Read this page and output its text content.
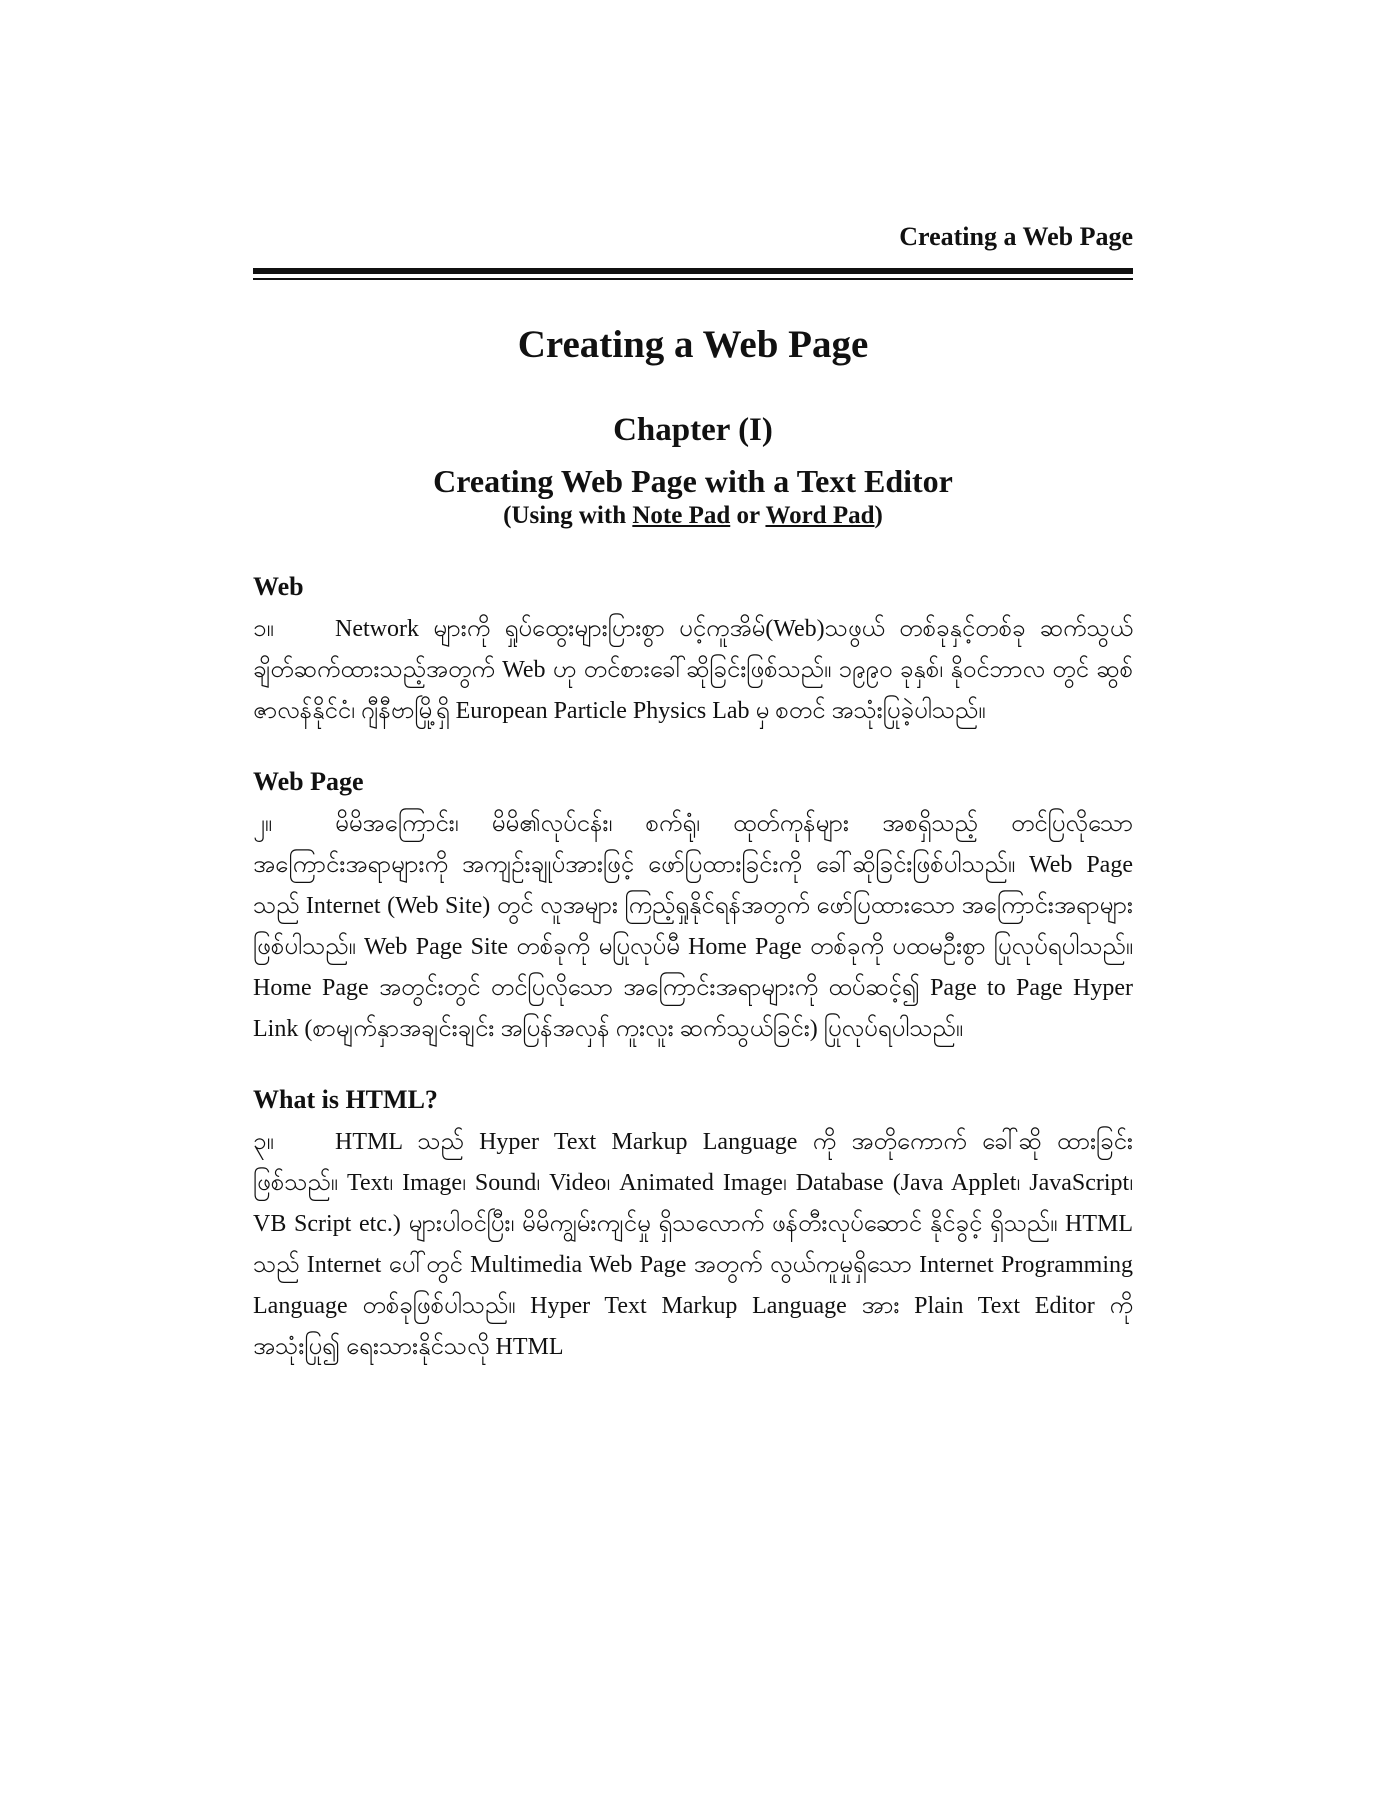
Creating a Web Page
Creating a Web Page
Chapter (I)
Creating Web Page with a Text Editor
(Using with Note Pad or Word Pad)
Web
၁။	Network များကို ရှုပ်ထွေးများပြားစွာ ပင့်ကူအိမ်(Web)သဖွယ် တစ်ခုနှင့်တစ်ခု ဆက်သွယ် ချိတ်ဆက်ထားသည့်အတွက် Web ဟု တင်စားခေါ်ဆိုခြင်းဖြစ်သည်။ ၁၉၉၀ ခုနှစ်၊ နိုဝင်ဘာလ တွင် ဆွစ်ဇာလန်နိုင်ငံ၊ ဂျီနီဗာမြို့ရှိ European Particle Physics Lab မှ စတင် အသုံးပြုခဲ့ပါသည်။
Web Page
၂။	မိမိအကြောင်း၊ မိမိ၏လုပ်ငန်း၊ စက်ရုံ၊ ထုတ်ကုန်များ အစရှိသည့် တင်ပြလိုသော အကြောင်းအရာများကို အကျဉ်းချုပ်အားဖြင့် ဖော်ပြထားခြင်းကို ခေါ်ဆိုခြင်းဖြစ်ပါသည်။ Web Page သည် Internet (Web Site) တွင် လူအများ ကြည့်ရှုနိုင်ရန်အတွက် ဖော်ပြထားသော အကြောင်းအရာများ ဖြစ်ပါသည်။ Web Page Site တစ်ခုကို မပြုလုပ်မီ Home Page တစ်ခုကို ပထမဦးစွာ ပြုလုပ်ရပါသည်။ Home Page အတွင်းတွင် တင်ပြလိုသော အကြောင်းအရာများကို ထပ်ဆင့်၍ Page to Page Hyper Link (စာမျက်နှာအချင်းချင်း အပြန်အလှန် ကူးလူး ဆက်သွယ်ခြင်း) ပြုလုပ်ရပါသည်။
What is HTML?
၃။	HTML သည် Hyper Text Markup Language ကို အတိုကောက် ခေါ်ဆို ထားခြင်း ဖြစ်သည်။ Text၊ Image၊ Sound၊ Video၊ Animated Image၊ Database (Java Applet၊ JavaScript၊ VB Script etc.) များပါဝင်ပြီး၊ မိမိကျွမ်းကျင်မှု ရှိသလောက် ဖန်တီးလုပ်ဆောင် နိုင်ခွင့် ရှိသည်။ HTML သည် Internet ပေါ်တွင် Multimedia Web Page အတွက် လွယ်ကူမှုရှိသော Internet Programming Language တစ်ခုဖြစ်ပါသည်။ Hyper Text Markup Language အား Plain Text Editor ကို အသုံးပြု၍ ရေးသားနိုင်သလို HTML
